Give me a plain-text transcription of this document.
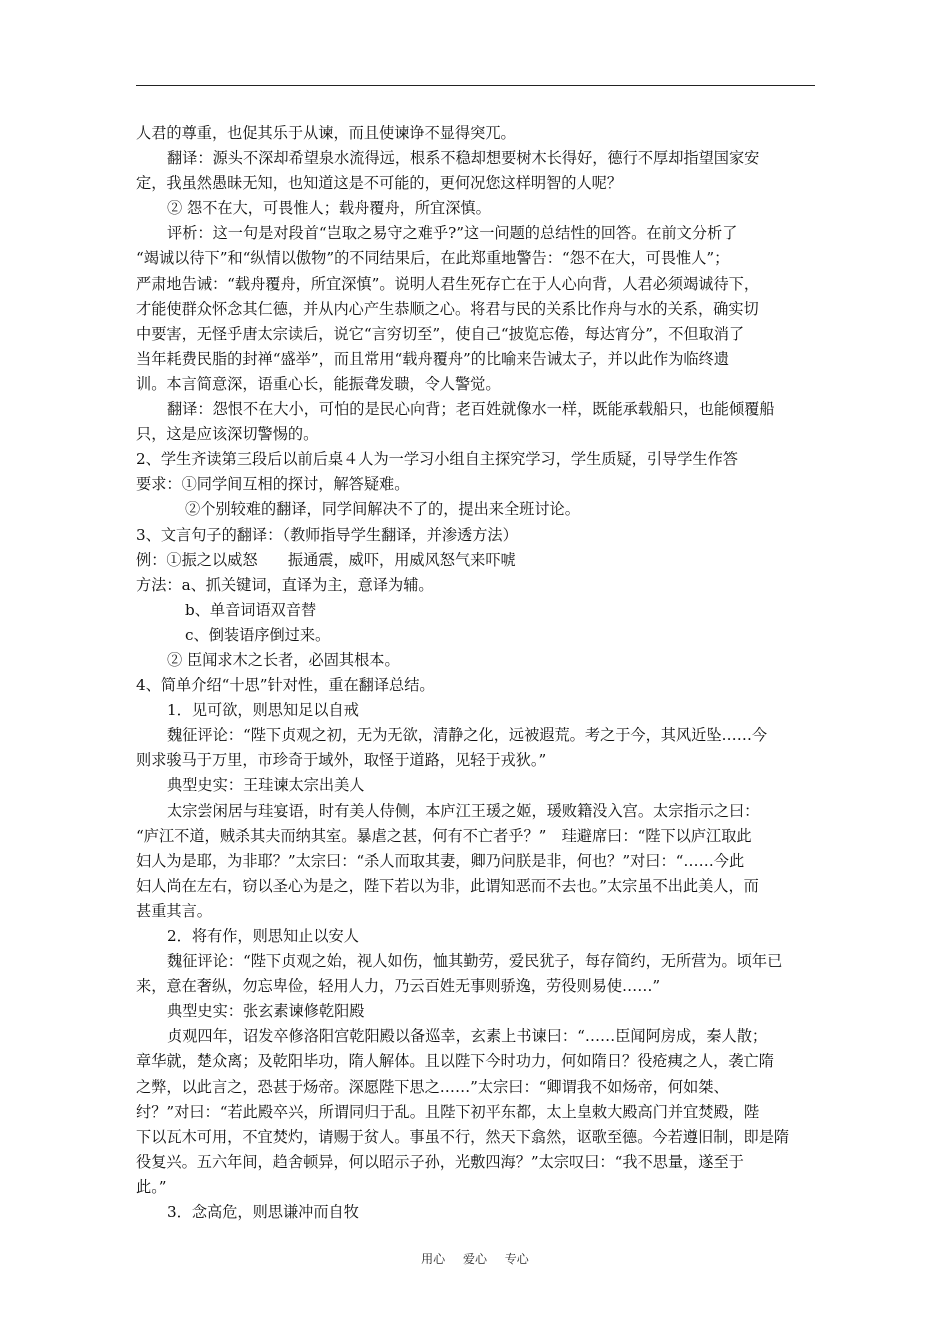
人君的尊重，也促其乐于从谏，而且使谏诤不显得突兀。
翻译：源头不深却希望泉水流得远，根系不稳却想要树木长得好，德行不厚却指望国家安
定，我虽然愚昧无知，也知道这是不可能的，更何况您这样明智的人呢？
② 怨不在大，可畏惟人；载舟覆舟，所宜深慎。
评析：这一句是对段首“岂取之易守之难乎?”这一问题的总结性的回答。在前文分析了
“竭诚以待下”和“纵情以傲物”的不同结果后，在此郑重地警告：“怨不在大，可畏惟人”；
严肃地告诫：“载舟覆舟，所宜深慎”。说明人君生死存亡在于人心向背，人君必须竭诚待下，
才能使群众怀念其仁德，并从内心产生恭顺之心。将君与民的关系比作舟与水的关系，确实切
中要害，无怪乎唐太宗读后，说它“言穷切至”，使自己“披览忘倦，每达宵分”，不但取消了
当年耗费民脂的封禅“盛举”，而且常用“载舟覆舟”的比喻来告诫太子，并以此作为临终遗
训。本言简意深，语重心长，能振聋发聩，令人警觉。
翻译：怨恨不在大小，可怕的是民心向背；老百姓就像水一样，既能承载船只，也能倾覆船
只，这是应该深切警惕的。
2、学生齐读第三段后以前后桌４人为一学习小组自主探究学习，学生质疑，引导学生作答
要求：①同学间互相的探讨，解答疑难。
②个别较难的翻译，同学间解决不了的，提出来全班讨论。
3、文言句子的翻译：（教师指导学生翻译，并渗透方法）
例：①振之以威怒　　振通震，威吓，用威风怒气来吓唬
方法：a、抓关键词，直译为主，意译为辅。
b、单音词语双音替
c、倒装语序倒过来。
② 臣闻求木之长者，必固其根本。
4、简单介绍“十思”针对性，重在翻译总结。
1．见可欲，则思知足以自戒
魏征评论：“陛下贞观之初，无为无欲，清静之化，远被遐荒。考之于今，其风近坠……今
则求骏马于万里，市珍奇于域外，取怪于道路，见轻于戎狄。”
典型史实：王珪谏太宗出美人
太宗尝闲居与珪宴语，时有美人侍侧，本庐江王瑗之姬，瑗败籍没入宫。太宗指示之曰：
“庐江不道，贼杀其夫而纳其室。暴虐之甚，何有不亡者乎？”　珪避席曰：“陛下以庐江取此
妇人为是耶，为非耶？”太宗曰：“杀人而取其妻，卿乃问朕是非，何也？”对曰：“……今此
妇人尚在左右，窃以圣心为是之，陛下若以为非，此谓知恶而不去也。”太宗虽不出此美人，而
甚重其言。
2．将有作，则思知止以安人
魏征评论：“陛下贞观之始，视人如伤，恤其勤劳，爱民犹子，每存简约，无所营为。顷年已
来，意在奢纵，勿忘卑俭，轻用人力，乃云百姓无事则骄逸，劳役则易使……”
典型史实：张玄素谏修乾阳殿
贞观四年，诏发卒修洛阳宫乾阳殿以备巡幸，玄素上书谏曰：“……臣闻阿房成，秦人散；
章华就，楚众离；及乾阳毕功，隋人解体。且以陛下今时功力，何如隋日？役疮痍之人，袭亡隋
之弊，以此言之，恐甚于炀帝。深愿陛下思之……”太宗曰：“卿谓我不如炀帝，何如桀、
纣？”对曰：“若此殿卒兴，所谓同归于乱。且陛下初平东都，太上皇敕大殿高门并宜焚殿，陛
下以瓦木可用，不宜焚灼，请赐于贫人。事虽不行，然天下翕然，讴歌至德。今若遵旧制，即是隋
役复兴。五六年间，趋舍顿异，何以昭示子孙，光敷四海？”太宗叹曰：“我不思量，遂至于
此。”
3．念高危，则思谦冲而自牧
用心 爱心 专心
